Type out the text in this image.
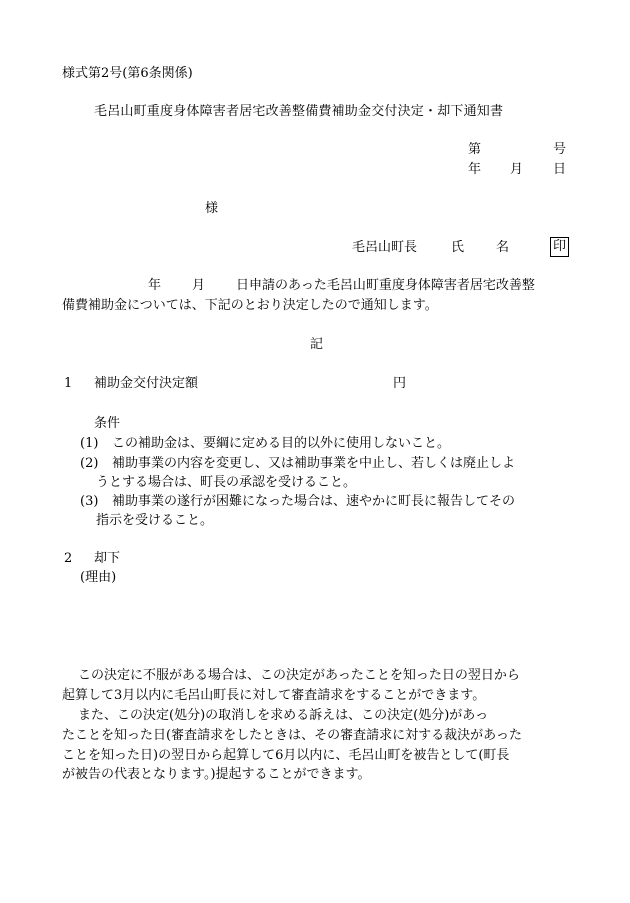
様式第2号(第6条関係)
毛呂山町重度身体障害者居宅改善整備費補助金交付決定・却下通知書
第	号
年 月 日
様
毛呂山町長	氏 名	印
年 月 日申請のあった毛呂山町重度身体障害者居宅改善整
備費補助金については、下記のとおり決定したので通知します。
記
1 補助金交付決定額	円
条件
(1) この補助金は、要綱に定める目的以外に使用しないこと。
(2) 補助事業の内容を変更し、又は補助事業を中止し、若しくは廃止しよ
うとする場合は、町長の承認を受けること。
(3) 補助事業の遂行が困難になった場合は、速やかに町長に報告してその
指示を受けること。
2 却下
(理由)
この決定に不服がある場合は、この決定があったことを知った日の翌日から
起算して3月以内に毛呂山町長に対して審査請求をすることができます。
また、この決定(処分)の取消しを求める訴えは、この決定(処分)があっ
たことを知った日(審査請求をしたときは、その審査請求に対する裁決があった
ことを知った日)の翌日から起算して6月以内に、毛呂山町を被告として(町長
が被告の代表となります。)提起することができます。
